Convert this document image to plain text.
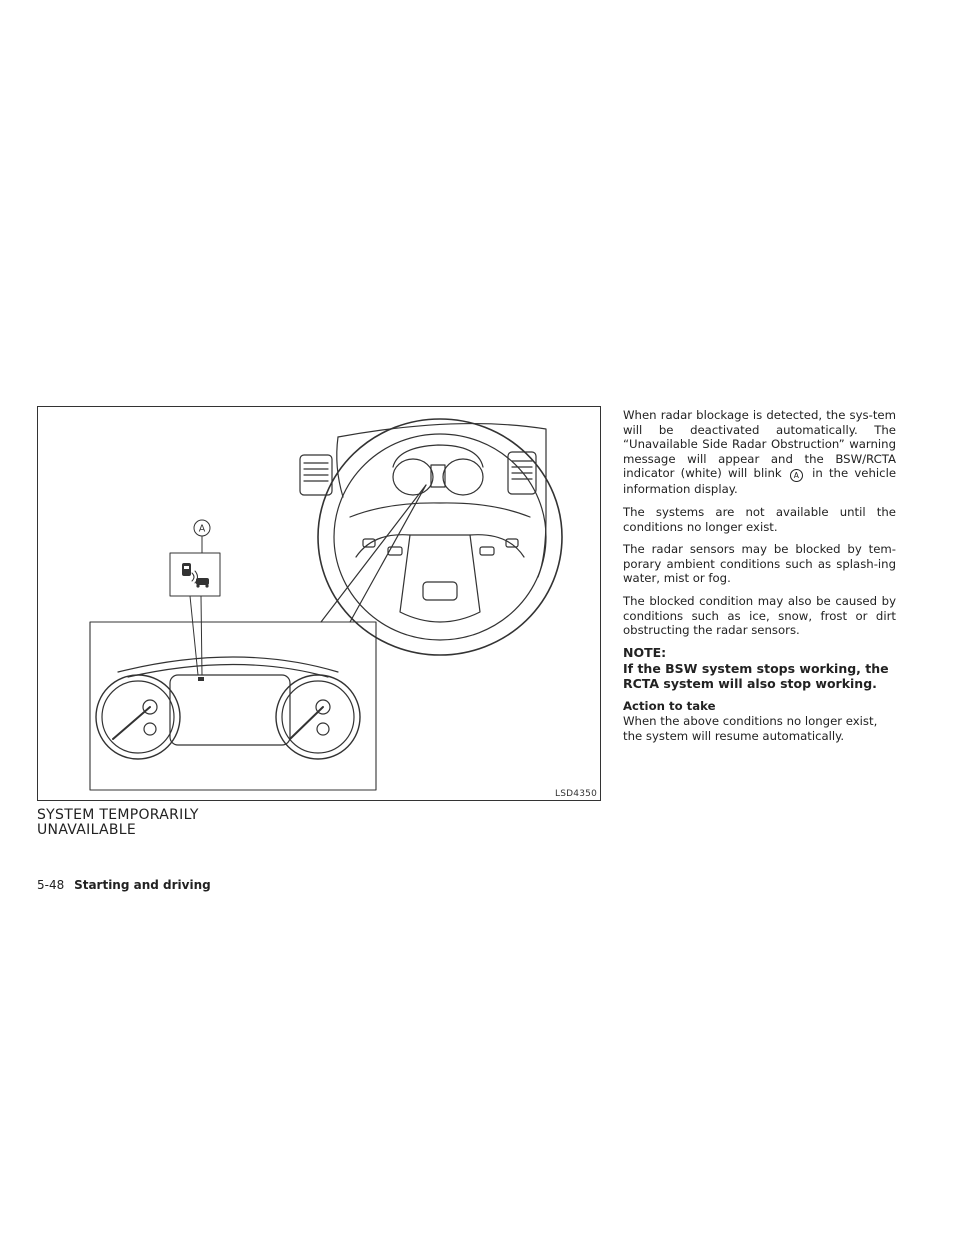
A
LSD4350
SYSTEM TEMPORARILY
UNAVAILABLE

When radar blockage is detected, the sys-tem will be deactivated automatically. The “Unavailable Side Radar Obstruction” warning message will appear and the BSW/RCTA indicator (white) will blink A in the vehicle information display.

The systems are not available until the conditions no longer exist.

The radar sensors may be blocked by tem-porary ambient conditions such as splash-ing water, mist or fog.

The blocked condition may also be caused by conditions such as ice, snow, frost or dirt obstructing the radar sensors.

NOTE:
If the BSW system stops working, the RCTA system will also stop working.
Action to take

When the above conditions no longer exist, the system will resume automatically.

5-48 Starting and driving
